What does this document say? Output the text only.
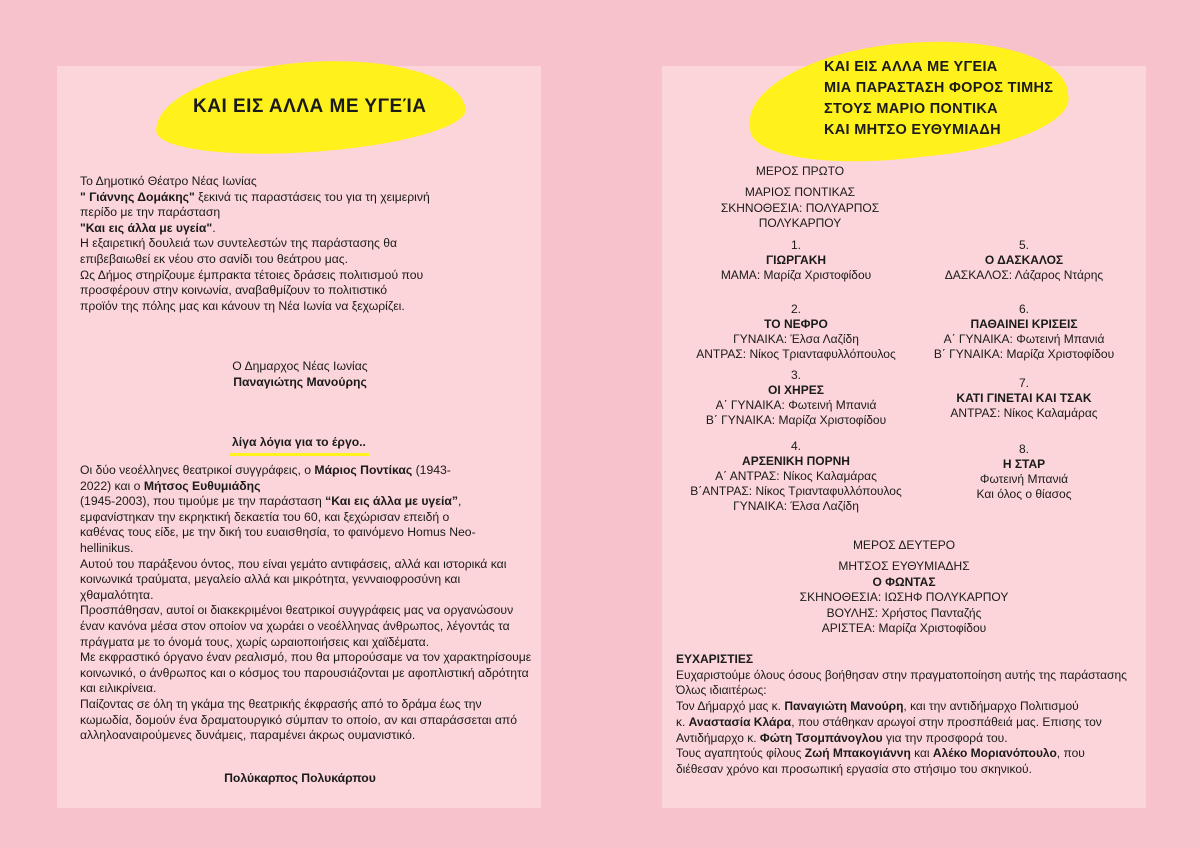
ΚΑΙ ΕΙΣ ΑΛΛΑ ΜΕ ΥΓΕΊΑ
Το Δημοτικό Θέατρο Νέας Ιωνίας
" Γιάννης Δομάκης" ξεκινά τις παραστάσεις του για τη χειμερινή
περίδο με την παράσταση
"Και εις άλλα με υγεία".
Η εξαιρετική δουλειά των συντελεστών της παράστασης θα
επιβεβαιωθεί εκ νέου στο σανίδι του θεάτρου μας.
Ως Δήμος στηρίζουμε έμπρακτα τέτοιες δράσεις πολιτισμού που
προσφέρουν στην κοινωνία, αναβαθμίζουν το πολιτιστικό
προϊόν της πόλης μας και κάνουν τη Νέα Ιωνία να ξεχωρίζει.
Ο Δημαρχος Νέας Ιωνίας
Παναγιώτης Μανούρης
λίγα λόγια για το έργο..
Οι δύο νεοέλληνες θεατρικοί συγγράφεις, ο Μάριος Ποντίκας (1943-
2022) και ο Μήτσος Ευθυμιάδης
(1945-2003), που τιμούμε με την παράσταση “Και εις άλλα με υγεία”,
εμφανίστηκαν την εκρηκτική δεκαετία του 60, και ξεχώρισαν επειδή ο
καθένας τους είδε, με την δική του ευαισθησία, το φαινόμενο Homus Neo-
hellinikus.
Αυτού του παράξενου όντος, που είναι γεμάτο αντιφάσεις, αλλά και ιστορικά και
κοινωνικά τραύματα, μεγαλείο αλλά και μικρότητα, γενναιοφροσύνη και
χθαμαλότητα.
Προσπάθησαν, αυτοί οι διακεκριμένοι θεατρικοί συγγράφεις μας να οργανώσουν
έναν κανόνα μέσα στον οποίον να χωράει ο νεοέλληνας άνθρωπος, λέγοντάς τα
πράγματα με το όνομά τους, χωρίς ωραιοποιήσεις και χαϊδέματα.
Με εκφραστικό όργανο έναν ρεαλισμό, που θα μπορούσαμε να τον χαρακτηρίσουμε
κοινωνικό, ο άνθρωπος και ο κόσμος του παρουσιάζονται με αφοπλιστική αδρότητα
και ειλικρίνεια.
Παίζοντας σε όλη τη γκάμα της θεατρικής έκφρασής από το δράμα έως την
κωμωδία, δομούν ένα δραματουργικό σύμπαν το οποίο, αν και σπαράσσεται από
αλληλοαναιρούμενες δυνάμεις, παραμένει άκρως ουμανιστικό.
Πολύκαρπος Πολυκάρπου
ΚΑΙ ΕΙΣ ΑΛΛΑ ΜΕ ΥΓΕΙΑ
ΜΙΑ ΠΑΡΑΣΤΑΣΗ ΦΟΡΟΣ ΤΙΜΗΣ
ΣΤΟΥΣ ΜΑΡΙΟ ΠΟΝΤΙΚΑ
ΚΑΙ ΜΗΤΣΟ ΕΥΘΥΜΙΑΔΗ
ΜΕΡΟΣ ΠΡΩΤΟ
ΜΑΡΙΟΣ ΠΟΝΤΙΚΑΣ
ΣΚΗΝΟΘΕΣΙΑ: ΠΟΛΥΑΡΠΟΣ
ΠΟΛΥΚΑΡΠΟΥ
1.
ΓΙΩΡΓΑΚΗ
ΜΑΜΑ: Μαρίζα Χριστοφίδου
2.
ΤΟ ΝΕΦΡΟ
ΓΥΝΑΙΚΑ: Έλσα Λαζίδη
ΑΝΤΡΑΣ: Νίκος Τριανταφυλλόπουλος
3.
ΟΙ ΧΗΡΕΣ
Α΄ ΓΥΝΑΙΚΑ: Φωτεινή Μπανιά
Β΄ ΓΥΝΑΙΚΑ: Μαρίζα Χριστοφίδου
4.
ΑΡΣΕΝΙΚΗ ΠΟΡΝΗ
Α΄ ΑΝΤΡΑΣ: Νίκος Καλαμάρας
Β΄ΑΝΤΡΑΣ: Νίκος Τριανταφυλλόπουλος
ΓΥΝΑΙΚΑ: Έλσα Λαζίδη
5.
Ο ΔΑΣΚΑΛΟΣ
ΔΑΣΚΑΛΟΣ: Λάζαρος Ντάρης
6.
ΠΑΘΑΙΝΕΙ ΚΡΙΣΕΙΣ
Α΄ ΓΥΝΑΙΚΑ: Φωτεινή Μπανιά
Β΄ ΓΥΝΑΙΚΑ: Μαρίζα Χριστοφίδου
7.
ΚΑΤΙ ΓΙΝΕΤΑΙ ΚΑΙ ΤΣΑΚ
ΑΝΤΡΑΣ: Νίκος Καλαμάρας
8.
Η ΣΤΑΡ
Φωτεινή Μπανιά
Και όλος ο θίασος
ΜΕΡΟΣ ΔΕΥΤΕΡΟ
ΜΗΤΣΟΣ ΕΥΘΥΜΙΑΔΗΣ
Ο ΦΩΝΤΑΣ
ΣΚΗΝΟΘΕΣΙΑ: ΙΩΣΗΦ ΠΟΛΥΚΑΡΠΟΥ
ΒΟΥΛΗΣ: Χρήστος Πανταζής
ΑΡΙΣΤΕΑ: Μαρίζα Χριστοφίδου
ΕΥΧΑΡΙΣΤΙΕΣ
Ευχαριστούμε όλους όσους βοήθησαν στην πραγματοποίηση αυτής της παράστασης
Όλως ιδιαιτέρως:
Τον Δήμαρχό μας κ. Παναγιώτη Μανούρη, και την αντιδήμαρχο Πολιτισμού
κ. Αναστασία Κλάρα, που στάθηκαν αρωγοί στην προσπάθειά μας. Επισης τον
Αντιδήμαρχο κ. Φώτη Τσομπάνογλου για την προσφορά του.
Τους αγαπητούς φίλους Ζωή Μπακογιάννη και Αλέκο Μοριανόπουλο, που
διέθεσαν χρόνο και προσωπική εργασία στο στήσιμο του σκηνικού.
